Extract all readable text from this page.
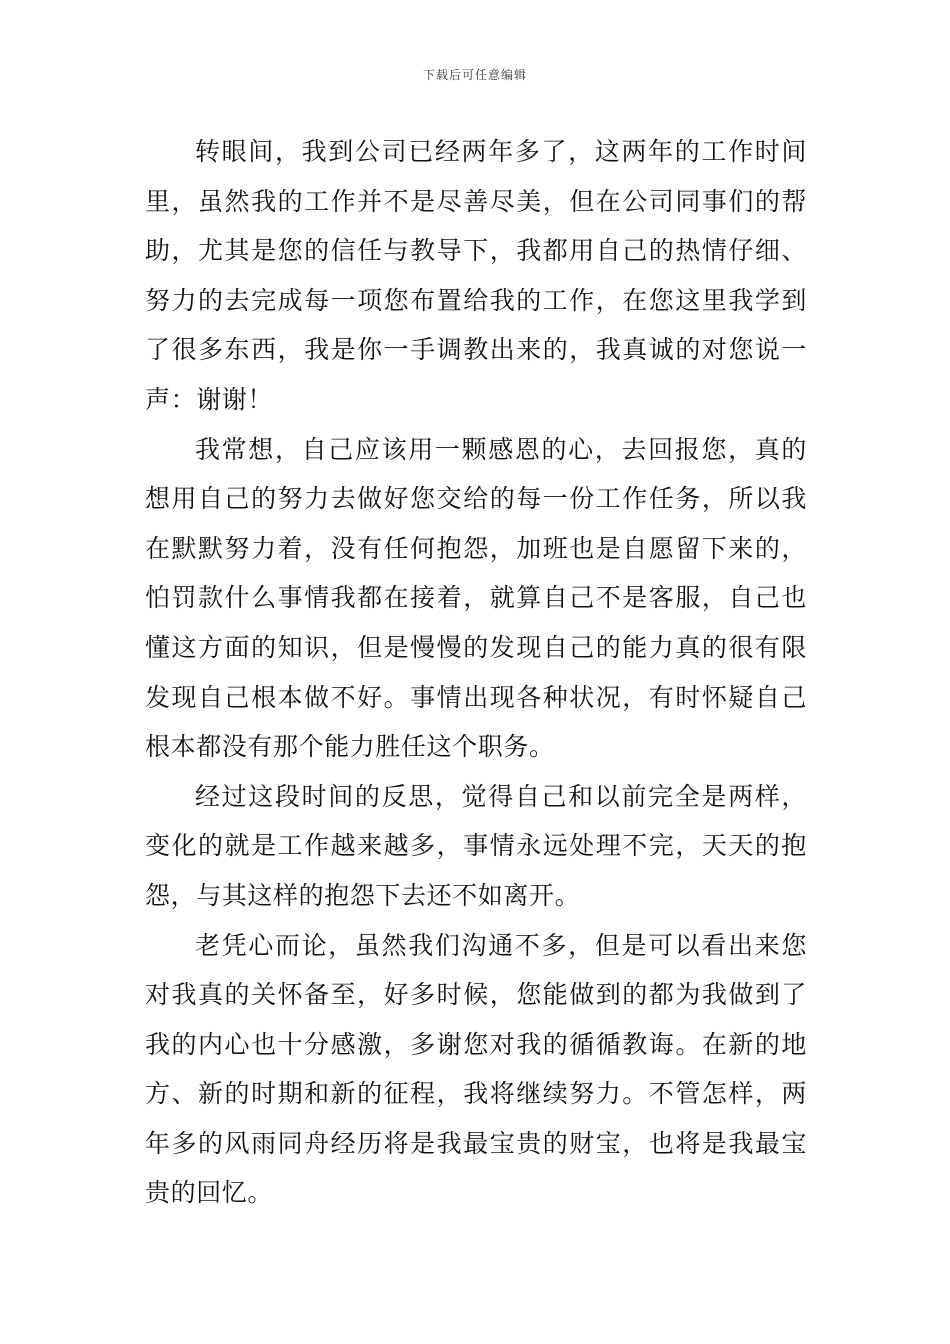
下载后可任意编辑

转眼间，我到公司已经两年多了，这两年的工作时间里，虽然我的工作并不是尽善尽美，但在公司同事们的帮助，尤其是您的信任与教导下，我都用自己的热情仔细、努力的去完成每一项您布置给我的工作，在您这里我学到了很多东西，我是你一手调教出来的，我真诚的对您说一声：谢谢！

我常想，自己应该用一颗感恩的心，去回报您，真的想用自己的努力去做好您交给的每一份工作任务，所以我在默默努力着，没有任何抱怨，加班也是自愿留下来的，怕罚款什么事情我都在接着，就算自己不是客服，自己也懂这方面的知识，但是慢慢的发现自己的能力真的很有限发现自己根本做不好。事情出现各种状况，有时怀疑自己根本都没有那个能力胜任这个职务。

经过这段时间的反思，觉得自己和以前完全是两样，变化的就是工作越来越多，事情永远处理不完，天天的抱怨，与其这样的抱怨下去还不如离开。

老凭心而论，虽然我们沟通不多，但是可以看出来您对我真的关怀备至，好多时候，您能做到的都为我做到了我的内心也十分感激，多谢您对我的循循教诲。在新的地方、新的时期和新的征程，我将继续努力。不管怎样，两年多的风雨同舟经历将是我最宝贵的财宝，也将是我最宝贵的回忆。
